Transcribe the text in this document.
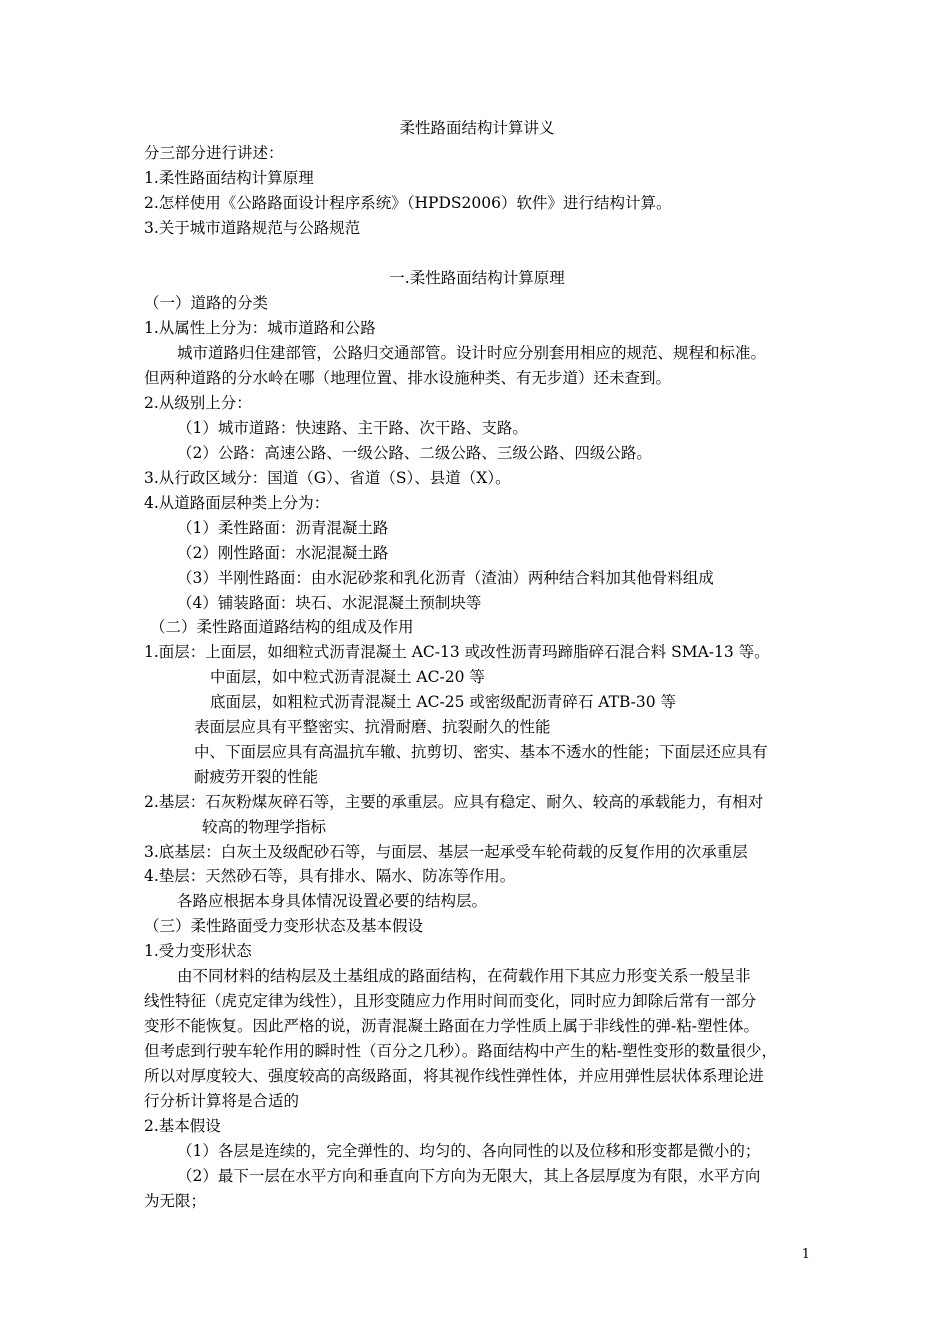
柔性路面结构计算讲义
分三部分进行讲述：
1.柔性路面结构计算原理
2.怎样使用《公路路面设计程序系统》（HPDS2006）软件》进行结构计算。
3.关于城市道路规范与公路规范
一.柔性路面结构计算原理
（一）道路的分类
1.从属性上分为：城市道路和公路
城市道路归住建部管，公路归交通部管。设计时应分别套用相应的规范、规程和标准。
但两种道路的分水岭在哪（地理位置、排水设施种类、有无步道）还未查到。
2.从级别上分：
（1）城市道路：快速路、主干路、次干路、支路。
（2）公路：高速公路、一级公路、二级公路、三级公路、四级公路。
3.从行政区域分：国道（G）、省道（S）、县道（X）。
4.从道路面层种类上分为：
（1）柔性路面：沥青混凝土路
（2）刚性路面：水泥混凝土路
（3）半刚性路面：由水泥砂浆和乳化沥青（渣油）两种结合料加其他骨料组成
（4）铺装路面：块石、水泥混凝土预制块等
（二）柔性路面道路结构的组成及作用
1.面层：上面层，如细粒式沥青混凝土 AC-13 或改性沥青玛蹄脂碎石混合料 SMA-13 等。
中面层，如中粒式沥青混凝土 AC-20 等
底面层，如粗粒式沥青混凝土 AC-25 或密级配沥青碎石 ATB-30 等
表面层应具有平整密实、抗滑耐磨、抗裂耐久的性能
中、下面层应具有高温抗车辙、抗剪切、密实、基本不透水的性能；下面层还应具有
耐疲劳开裂的性能
2.基层：石灰粉煤灰碎石等，主要的承重层。应具有稳定、耐久、较高的承载能力，有相对
较高的物理学指标
3.底基层：白灰土及级配砂石等，与面层、基层一起承受车轮荷载的反复作用的次承重层
4.垫层：天然砂石等，具有排水、隔水、防冻等作用。
各路应根据本身具体情况设置必要的结构层。
（三）柔性路面受力变形状态及基本假设
1.受力变形状态
由不同材料的结构层及土基组成的路面结构，在荷载作用下其应力形变关系一般呈非
线性特征（虎克定律为线性），且形变随应力作用时间而变化，同时应力卸除后常有一部分
变形不能恢复。因此严格的说，沥青混凝土路面在力学性质上属于非线性的弹-粘-塑性体。
但考虑到行驶车轮作用的瞬时性（百分之几秒）。路面结构中产生的粘-塑性变形的数量很少，
所以对厚度较大、强度较高的高级路面，将其视作线性弹性体，并应用弹性层状体系理论进
行分析计算将是合适的
2.基本假设
（1）各层是连续的，完全弹性的、均匀的、各向同性的以及位移和形变都是微小的；
（2）最下一层在水平方向和垂直向下方向为无限大，其上各层厚度为有限，水平方向
为无限；
1
